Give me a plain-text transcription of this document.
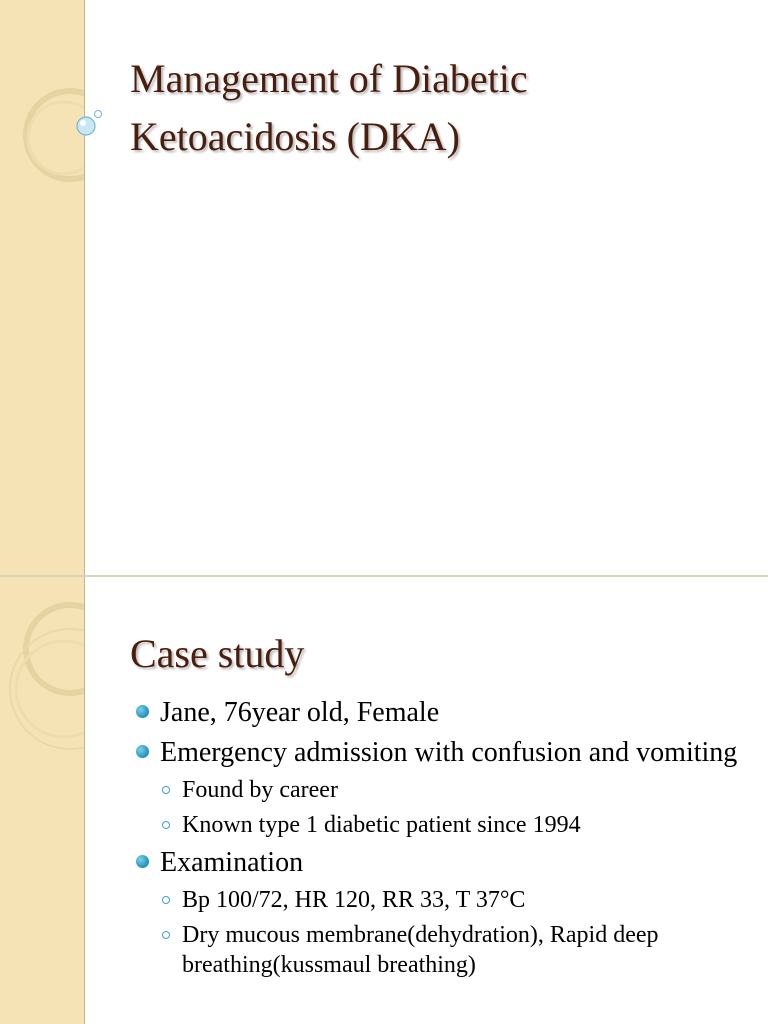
Management of Diabetic
Ketoacidosis (DKA)
Case study
Jane, 76year old, Female
Emergency admission with confusion and vomiting
Found by career
Known type 1 diabetic patient since 1994
Examination
Bp 100/72, HR 120, RR 33, T 37°C
Dry mucous membrane(dehydration), Rapid deep breathing(kussmaul breathing)
